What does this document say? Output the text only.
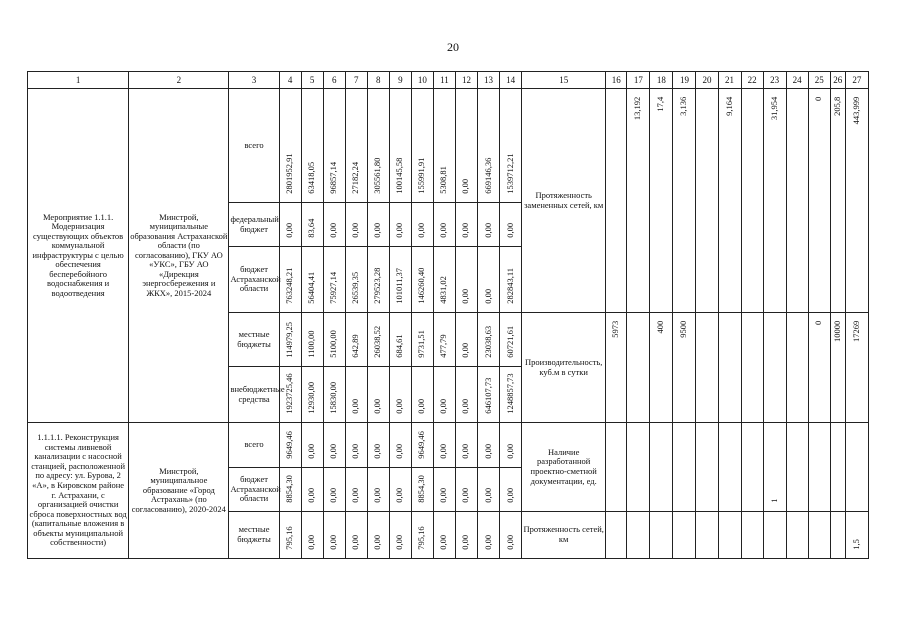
20
1	2	3	4	5	6	7	8	9	10	11	12	13	14	15	16	17	18	19	20	21	22	23	24	25	26	27
Мероприятие 1.1.1. Модернизация существующих объектов коммунальной инфраструктуры с целью обеспечения бесперебойного водоснабжения и водоотведения	Минстрой, муниципальные образования Астраханской области (по согласованию), ГКУ АО «УКС», ГБУ АО «Дирекция энергосбережения и ЖКХ», 2015-2024	всего	2801952,91	63418,05	96857,14	27182,24	305561,80	100145,58	155991,91	5308,81	0,00	669146,36	1539712,21	Протяженность замененных сетей, км		13,192	17,4	3,136		9,164		31,954		0	205,8	443,999

		федеральный бюджет	0,00	83,64	0,00	0,00	0,00	0,00	0,00	0,00	0,00	0,00	0,00													

		бюджет Астраханской области	763248,21	56404,41	75927,14	26539,35	279523,28	101011,37	146260,40	4831,02	0,00	0,00	282843,11													

		местные бюджеты	114979,25	1100,00	5100,00	642,89	26038,52	684,61	9731,51	477,79	0,00	23038,63	60721,61	Производительность, куб.м в сутки	5973		400	9500						0	10000	17269

		внебюджетные средства	1923725,46	12930,00	15830,00	0,00	0,00	0,00	0,00	0,00	0,00	646107,73	1248857,73													

1.1.1.1. Реконструкция системы ливневой канализации с насосной станцией, расположенной по адресу: ул. Бурова, 2 «А», в Кировском районе г. Астрахани, с организацией очистки сброса поверхностных вод (капитальные вложения в объекты муниципальной собственности)	Минстрой, муниципальное образование «Город Астрахань» (по согласованию), 2020-2024	всего	9649,46	0,00	0,00	0,00	0,00	0,00	9649,46	0,00	0,00	0,00	0,00	Наличие разработанной проектно-сметной документации, ед.								1				

		бюджет Астраханской области	8854,30	0,00	0,00	0,00	0,00	0,00	8854,30	0,00	0,00	0,00	0,00													

		местные бюджеты	795,16	0,00	0,00	0,00	0,00	0,00	795,16	0,00	0,00	0,00	0,00	Протяженность сетей, км												1,5
